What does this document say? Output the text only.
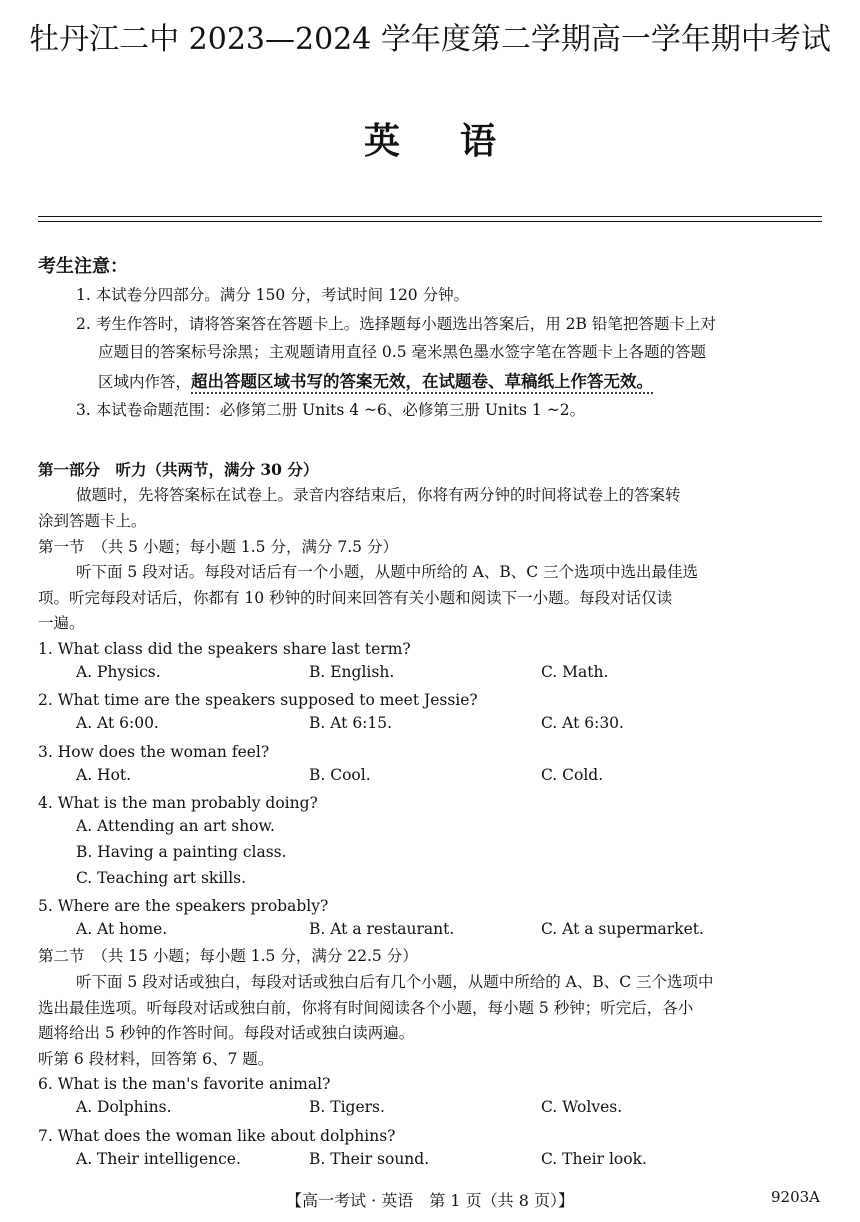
牡丹江二中 2023—2024 学年度第二学期高一学年期中考试
英语
考生注意：
1. 本试卷分四部分。满分 150 分，考试时间 120 分钟。
2. 考生作答时，请将答案答在答题卡上。选择题每小题选出答案后，用 2B 铅笔把答题卡上对
应题目的答案标号涂黑；主观题请用直径 0.5 毫米黑色墨水签字笔在答题卡上各题的答题
区域内作答，超出答题区域书写的答案无效，在试题卷、草稿纸上作答无效。
3. 本试卷命题范围：必修第二册 Units 4 ~6、必修第三册 Units 1 ~2。
第一部分　听力（共两节，满分 30 分）
做题时，先将答案标在试卷上。录音内容结束后，你将有两分钟的时间将试卷上的答案转
涂到答题卡上。
第一节　（共 5 小题；每小题 1.5 分，满分 7.5 分）
听下面 5 段对话。每段对话后有一个小题，从题中所给的 A、B、C 三个选项中选出最佳选
项。听完每段对话后，你都有 10 秒钟的时间来回答有关小题和阅读下一小题。每段对话仅读
一遍。
1. What class did the speakers share last term?
A. Physics.	B. English.	C. Math.
2. What time are the speakers supposed to meet Jessie?
A. At 6:00.	B. At 6:15.	C. At 6:30.
3. How does the woman feel?
A. Hot.	B. Cool.	C. Cold.
4. What is the man probably doing?
A. Attending an art show.
B. Having a painting class.
C. Teaching art skills.
5. Where are the speakers probably?
A. At home.	B. At a restaurant.	C. At a supermarket.
第二节　（共 15 小题；每小题 1.5 分，满分 22.5 分）
听下面 5 段对话或独白，每段对话或独白后有几个小题，从题中所给的 A、B、C 三个选项中
选出最佳选项。听每段对话或独白前，你将有时间阅读各个小题，每小题 5 秒钟；听完后，各小
题将给出 5 秒钟的作答时间。每段对话或独白读两遍。
听第 6 段材料，回答第 6、7 题。
6. What is the man's favorite animal?
A. Dolphins.	B. Tigers.	C. Wolves.
7. What does the woman like about dolphins?
A. Their intelligence.	B. Their sound.	C. Their look.
【高一考试 · 英语　第 1 页（共 8 页）】	9203A
